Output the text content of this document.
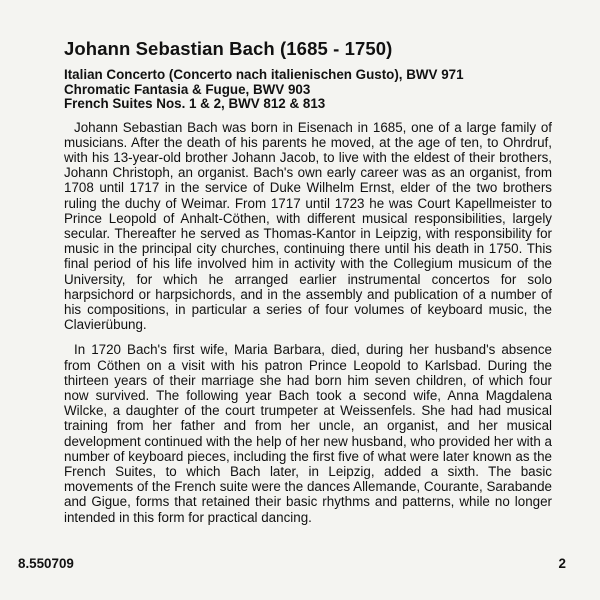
Johann Sebastian Bach (1685 - 1750)
Italian Concerto (Concerto nach italienischen Gusto), BWV 971
Chromatic Fantasia & Fugue, BWV 903
French Suites Nos. 1 & 2, BWV 812 & 813

Johann Sebastian Bach was born in Eisenach in 1685, one of a large family of musicians. After the death of his parents he moved, at the age of ten, to Ohrdruf, with his 13-year-old brother Johann Jacob, to live with the eldest of their brothers, Johann Christoph, an organist. Bach's own early career was as an organist, from 1708 until 1717 in the service of Duke Wilhelm Ernst, elder of the two brothers ruling the duchy of Weimar. From 1717 until 1723 he was Court Kapellmeister to Prince Leopold of Anhalt-Cöthen, with different musical responsibilities, largely secular. Thereafter he served as Thomas-Kantor in Leipzig, with responsibility for music in the principal city churches, continuing there until his death in 1750. This final period of his life involved him in activity with the Collegium musicum of the University, for which he arranged earlier instrumental concertos for solo harpsichord or harpsichords, and in the assembly and publication of a number of his compositions, in particular a series of four volumes of keyboard music, the Clavierübung.

In 1720 Bach's first wife, Maria Barbara, died, during her husband's absence from Cöthen on a visit with his patron Prince Leopold to Karlsbad. During the thirteen years of their marriage she had born him seven children, of which four now survived. The following year Bach took a second wife, Anna Magdalena Wilcke, a daughter of the court trumpeter at Weissenfels. She had had musical training from her father and from her uncle, an organist, and her musical development continued with the help of her new husband, who provided her with a number of keyboard pieces, including the first five of what were later known as the French Suites, to which Bach later, in Leipzig, added a sixth. The basic movements of the French suite were the dances Allemande, Courante, Sarabande and Gigue, forms that retained their basic rhythms and patterns, while no longer intended in this form for practical dancing.

8.550709	2
